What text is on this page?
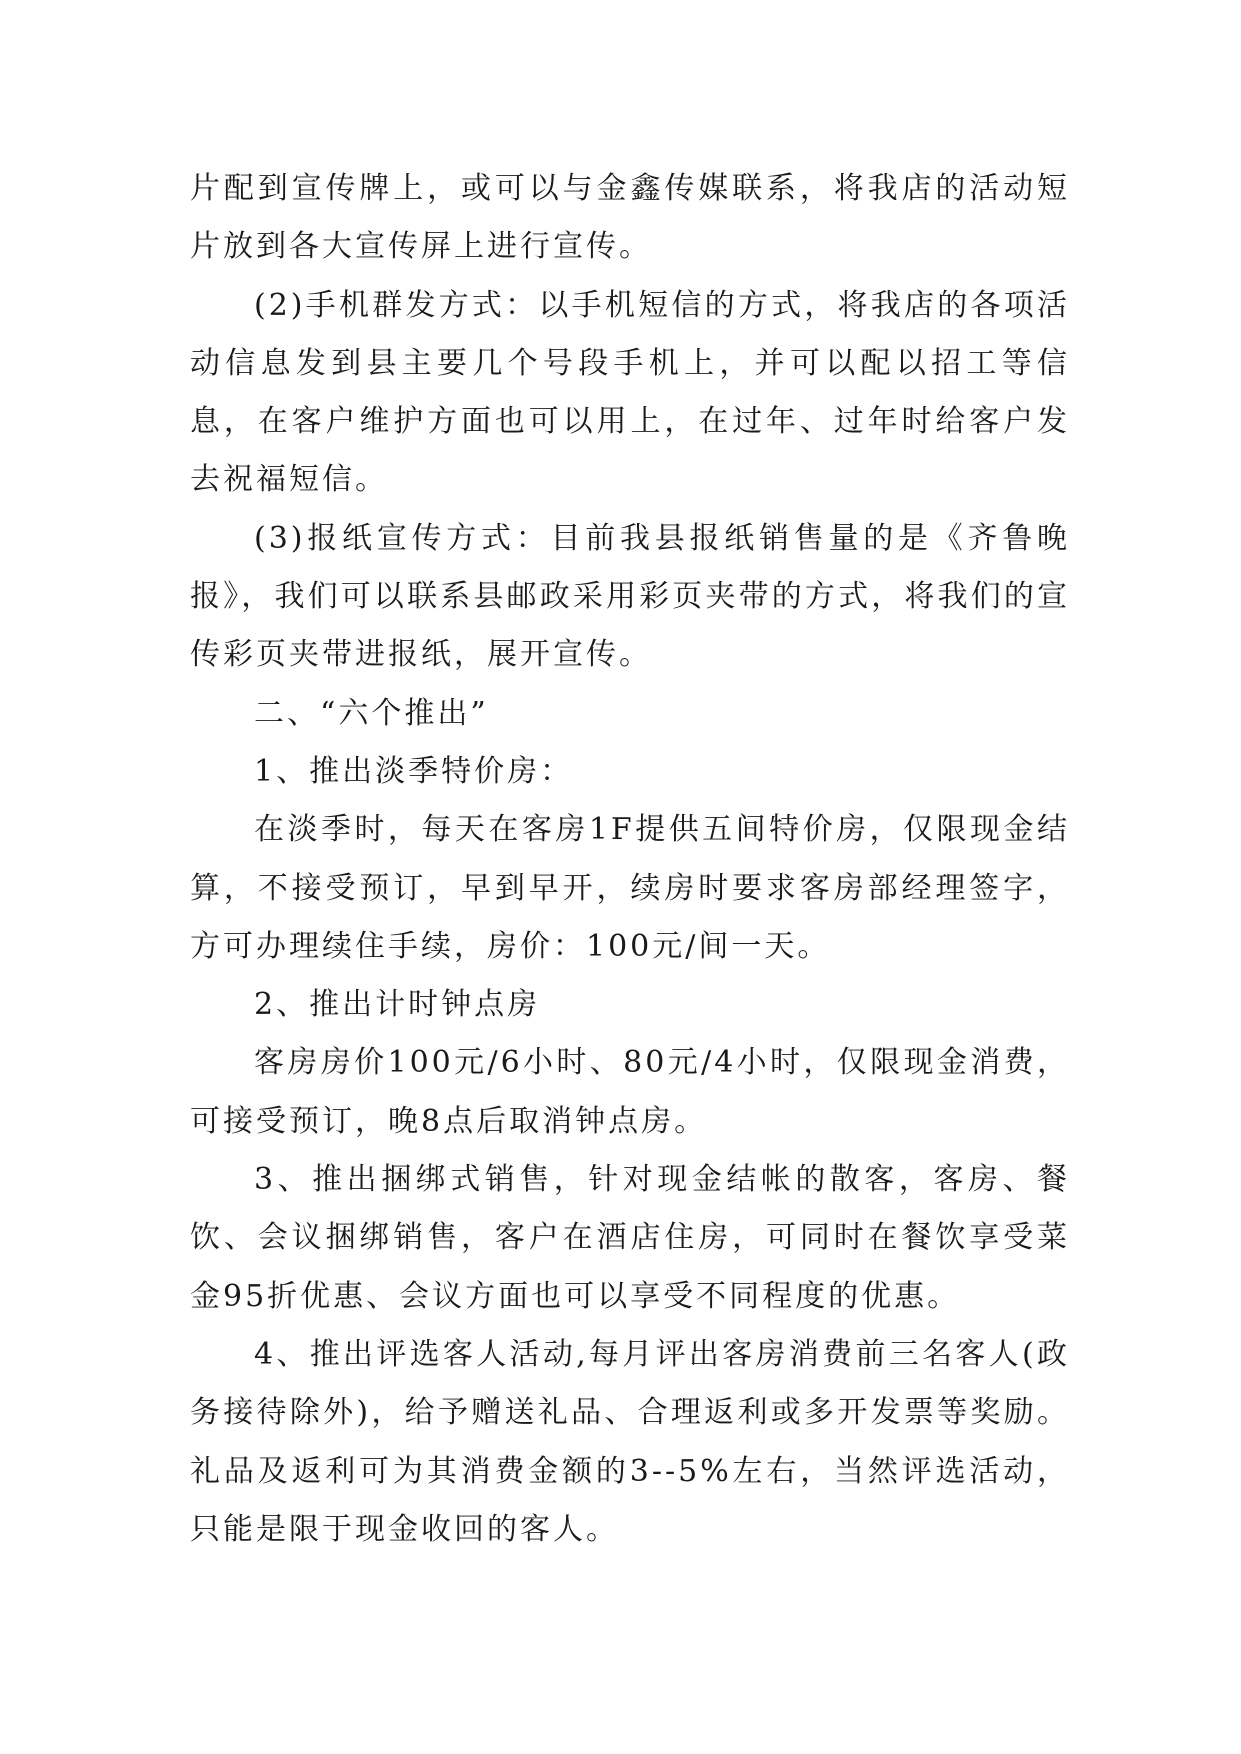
片配到宣传牌上，或可以与金鑫传媒联系，将我店的活动短片放到各大宣传屏上进行宣传。

(2)手机群发方式：以手机短信的方式，将我店的各项活动信息发到县主要几个号段手机上，并可以配以招工等信息，在客户维护方面也可以用上，在过年、过年时给客户发去祝福短信。

(3)报纸宣传方式：目前我县报纸销售量的是《齐鲁晚报》，我们可以联系县邮政采用彩页夹带的方式，将我们的宣传彩页夹带进报纸，展开宣传。

二、“六个推出”

1、推出淡季特价房：

在淡季时，每天在客房1F提供五间特价房，仅限现金结算，不接受预订，早到早开，续房时要求客房部经理签字，方可办理续住手续，房价：100元/间一天。

2、推出计时钟点房

客房房价100元/6小时、80元/4小时，仅限现金消费，可接受预订，晚8点后取消钟点房。

3、推出捆绑式销售，针对现金结帐的散客，客房、餐饮、会议捆绑销售，客户在酒店住房，可同时在餐饮享受菜金95折优惠、会议方面也可以享受不同程度的优惠。

4、推出评选客人活动,每月评出客房消费前三名客人(政务接待除外)，给予赠送礼品、合理返利或多开发票等奖励。礼品及返利可为其消费金额的3--5%左右，当然评选活动，只能是限于现金收回的客人。
